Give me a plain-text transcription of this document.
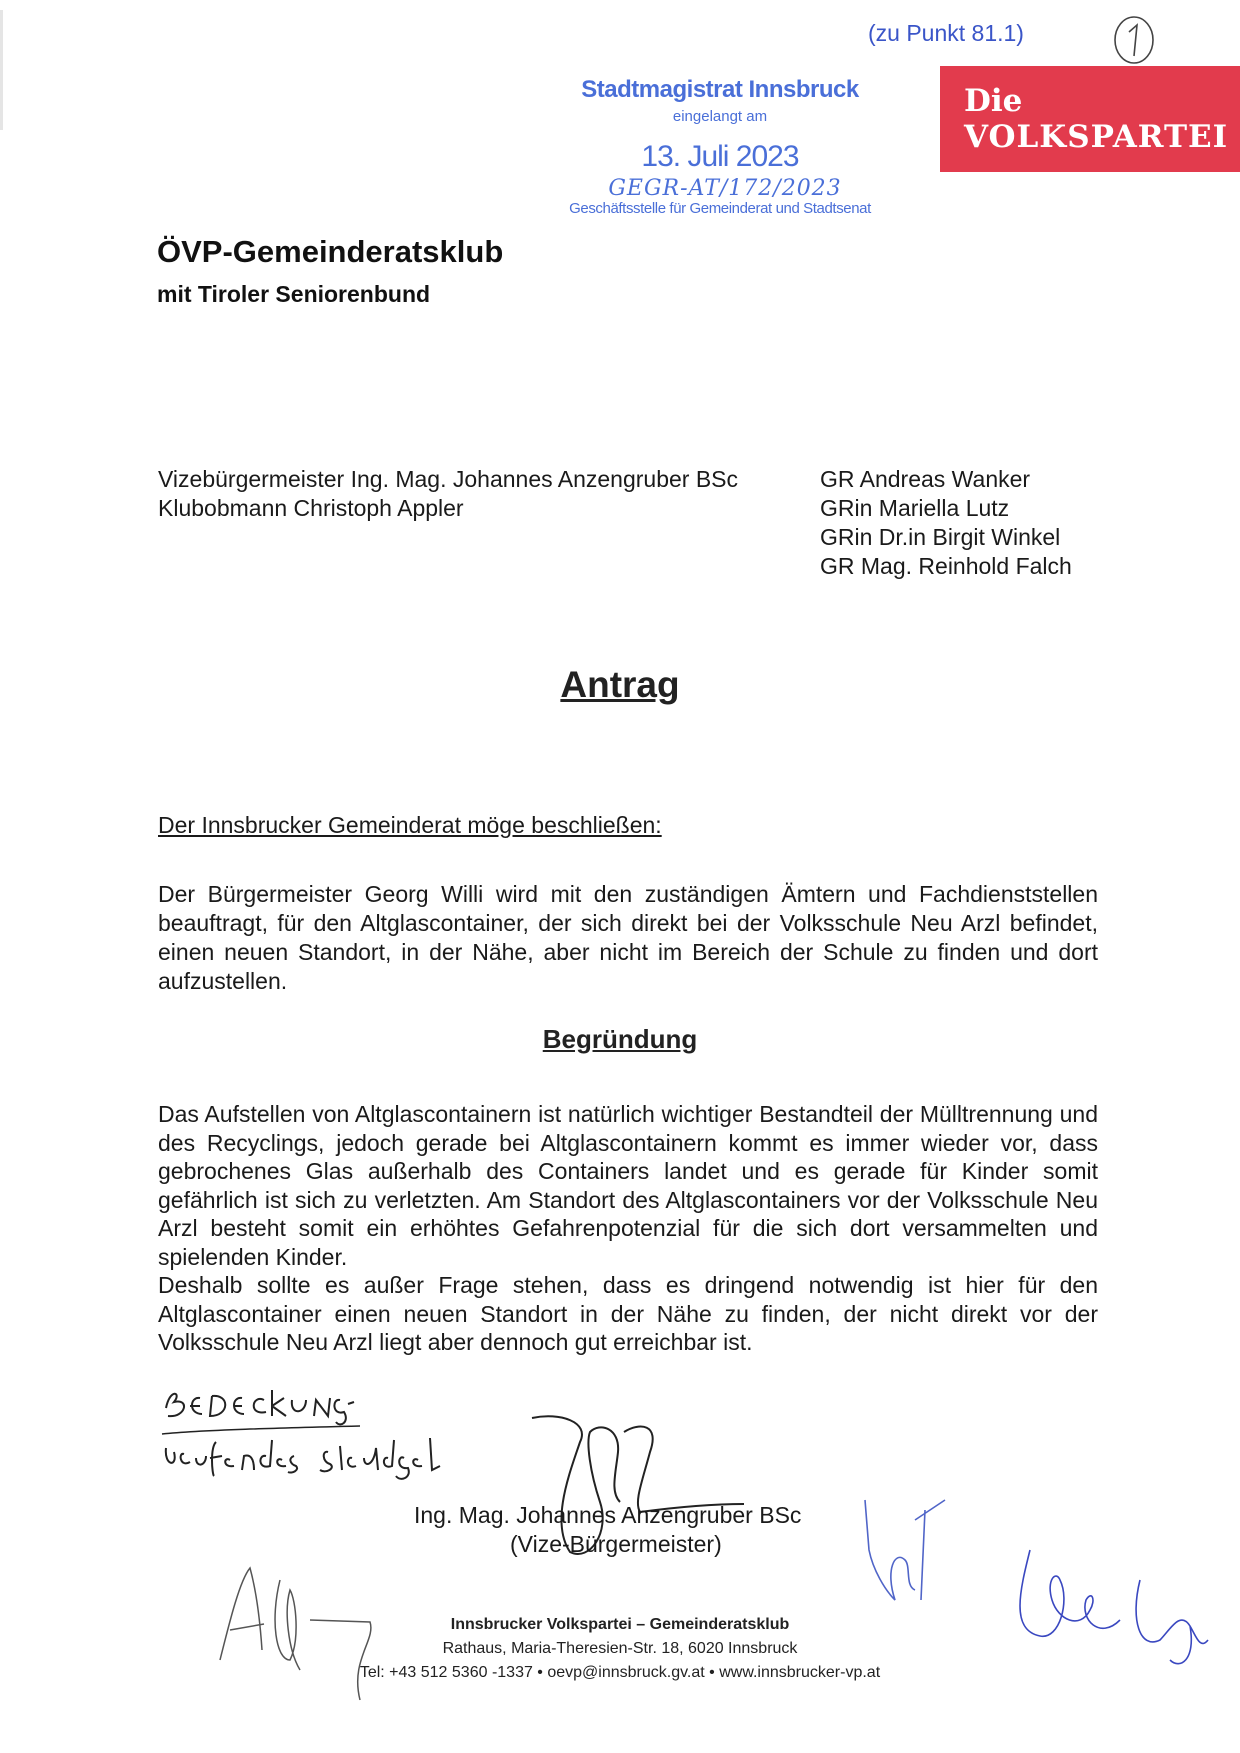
(zu Punkt 81.1)
Die
VOLKSPARTEI
Stadtmagistrat Innsbruck
eingelangt am
13. Juli 2023
GEGR-AT/172/2023
Geschäftsstelle für Gemeinderat und Stadtsenat
ÖVP-Gemeinderatsklub
mit Tiroler Seniorenbund
Vizebürgermeister Ing. Mag. Johannes Anzengruber BSc
Klubobmann Christoph Appler
GR Andreas Wanker
GRin Mariella Lutz
GRin Dr.in Birgit Winkel
GR Mag. Reinhold Falch
Antrag
Der Innsbrucker Gemeinderat möge beschließen:
Der Bürgermeister Georg Willi wird mit den zuständigen Ämtern und Fachdienststellen beauftragt, für den Altglascontainer, der sich direkt bei der Volksschule Neu Arzl befindet, einen neuen Standort, in der Nähe, aber nicht im Bereich der Schule zu finden und dort aufzustellen.
Begründung
Das Aufstellen von Altglascontainern ist natürlich wichtiger Bestandteil der Mülltrennung und des Recyclings, jedoch gerade bei Altglascontainern kommt es immer wieder vor, dass gebrochenes Glas außerhalb des Containers landet und es gerade für Kinder somit gefährlich ist sich zu verletzten. Am Standort des Altglascontainers vor der Volksschule Neu Arzl besteht somit ein erhöhtes Gefahrenpotenzial für die sich dort versammelten und spielenden Kinder.
Deshalb sollte es außer Frage stehen, dass es dringend notwendig ist hier für den Altglascontainer einen neuen Standort in der Nähe zu finden, der nicht direkt vor der Volksschule Neu Arzl liegt aber dennoch gut erreichbar ist.
Ing. Mag. Johannes Anzengruber BSc
(Vize-Bürgermeister)
Innsbrucker Volkspartei – Gemeinderatsklub
Rathaus, Maria-Theresien-Str. 18, 6020 Innsbruck
Tel: +43 512 5360 -1337 • oevp@innsbruck.gv.at • www.innsbrucker-vp.at
